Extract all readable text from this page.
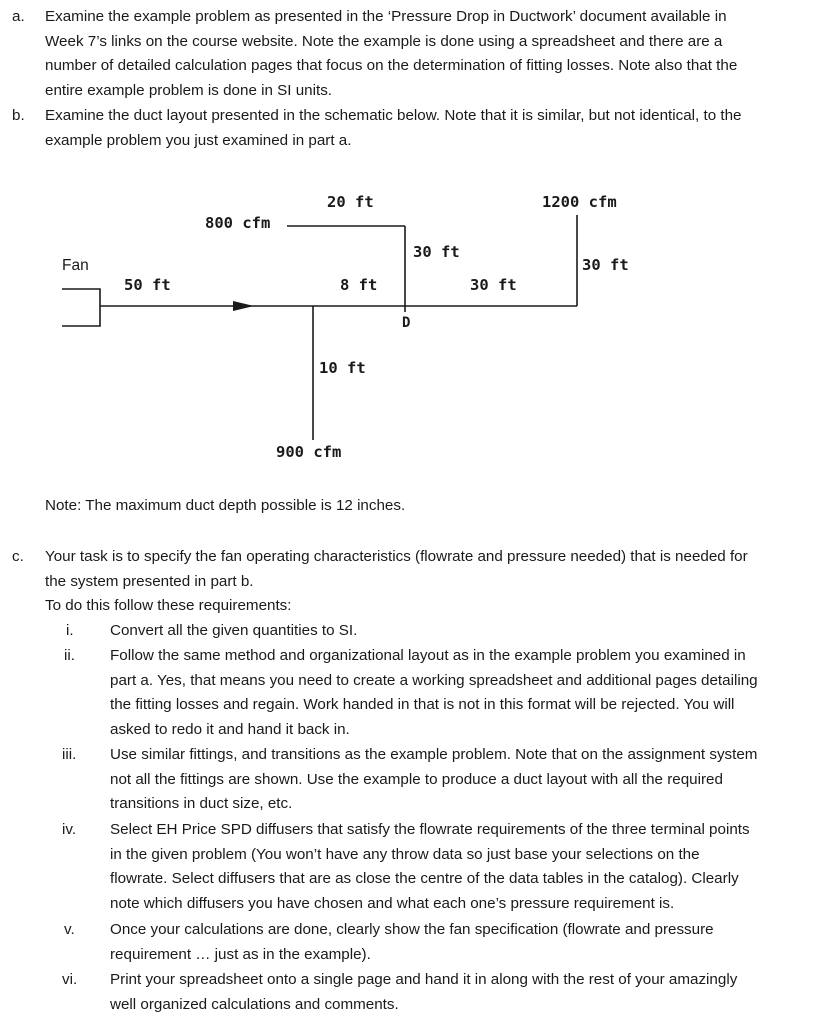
a. Examine the example problem as presented in the ‘Pressure Drop in Ductwork’ document available in
Week 7’s links on the course website. Note the example is done using a spreadsheet and there are a
number of detailed calculation pages that focus on the determination of fitting losses. Note also that the
entire example problem is done in SI units.
b. Examine the duct layout presented in the schematic below. Note that it is similar, but not identical, to the
example problem you just examined in part a.
Fan
50 ft
800 cfm
20 ft
30 ft
8 ft
D
30 ft
1200 cfm
30 ft
10 ft
900 cfm
Note: The maximum duct depth possible is 12 inches.
c. Your task is to specify the fan operating characteristics (flowrate and pressure needed) that is needed for
the system presented in part b.
To do this follow these requirements:
i.	Convert all the given quantities to SI.
ii.	Follow the same method and organizational layout as in the example problem you examined in
part a. Yes, that means you need to create a working spreadsheet and additional pages detailing
the fitting losses and regain. Work handed in that is not in this format will be rejected. You will
asked to redo it and hand it back in.
iii.	Use similar fittings, and transitions as the example problem. Note that on the assignment system
not all the fittings are shown. Use the example to produce a duct layout with all the required
transitions in duct size, etc.
iv.	Select EH Price SPD diffusers that satisfy the flowrate requirements of the three terminal points
in the given problem (You won’t have any throw data so just base your selections on the
flowrate. Select diffusers that are as close the centre of the data tables in the catalog). Clearly
note which diffusers you have chosen and what each one’s pressure requirement is.
v.	Once your calculations are done, clearly show the fan specification (flowrate and pressure
requirement … just as in the example).
vi.	Print your spreadsheet onto a single page and hand it in along with the rest of your amazingly
well organized calculations and comments.
